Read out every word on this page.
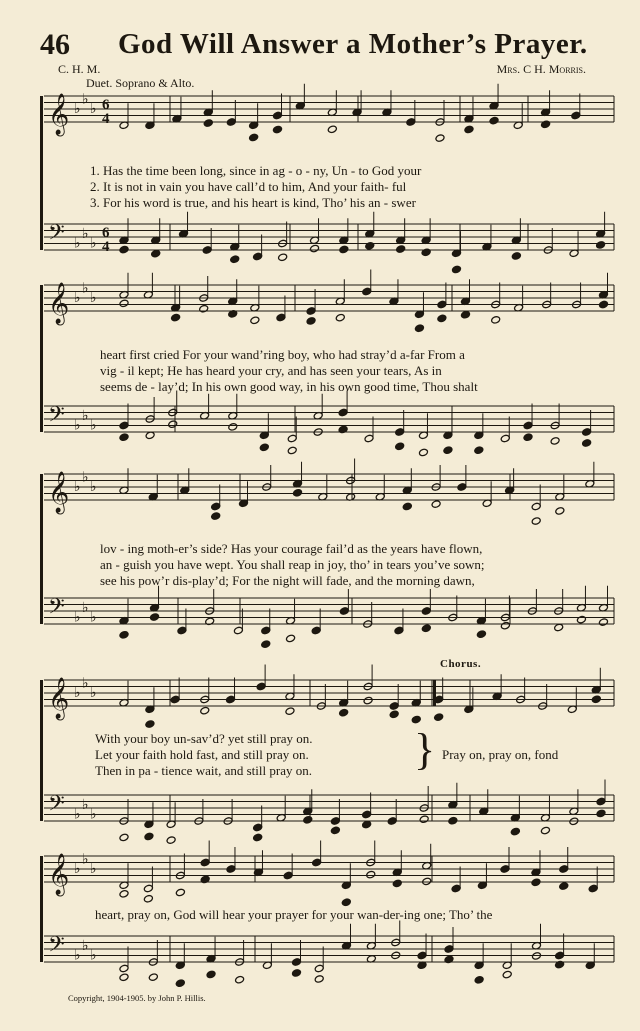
46 God Will Answer a Mother’s Prayer.
C. H. M.	Mrs. C H. Morris.
Duet. Soprano & Alto.
𝄞
𝄢
♭
♭
♭
♭
♭
♭
6
4
6
4
𝄞
𝄢
♭
♭
♭
♭
♭
♭
𝄞
𝄢
♭
♭
♭
♭
♭
♭
𝄞
𝄢
♭
♭
♭
♭
♭
♭
𝄞
𝄢
♭
♭
♭
♭
♭
♭
1. Has the time been long, since in ag - o - ny, Un - to God your
2. It is not in vain you have call’d to him, And your faith- ful
3. For his word is true, and his heart is kind, Tho’ his an - swer
heart first cried For your wand’ring boy, who had stray’d a-far From a
vig - il kept; He has heard your cry, and has seen your tears, As in
seems de - lay’d; In his own good way, in his own good time, Thou shalt
lov - ing moth-er’s side? Has your courage fail’d as the years have flown,
an - guish you have wept. You shall reap in joy, tho’ in tears you’ve sown;
see his pow’r dis-play’d; For the night will fade, and the morning dawn,
Chorus.
With your boy un-sav’d? yet still pray on.
Let your faith hold fast, and still pray on.
Then in pa - tience wait, and still pray on. } Pray on, pray on, fond
heart, pray on, God will hear your prayer for your wan-der-ing one; Tho’ the
Copyright, 1904-1905. by John P. Hillis.
